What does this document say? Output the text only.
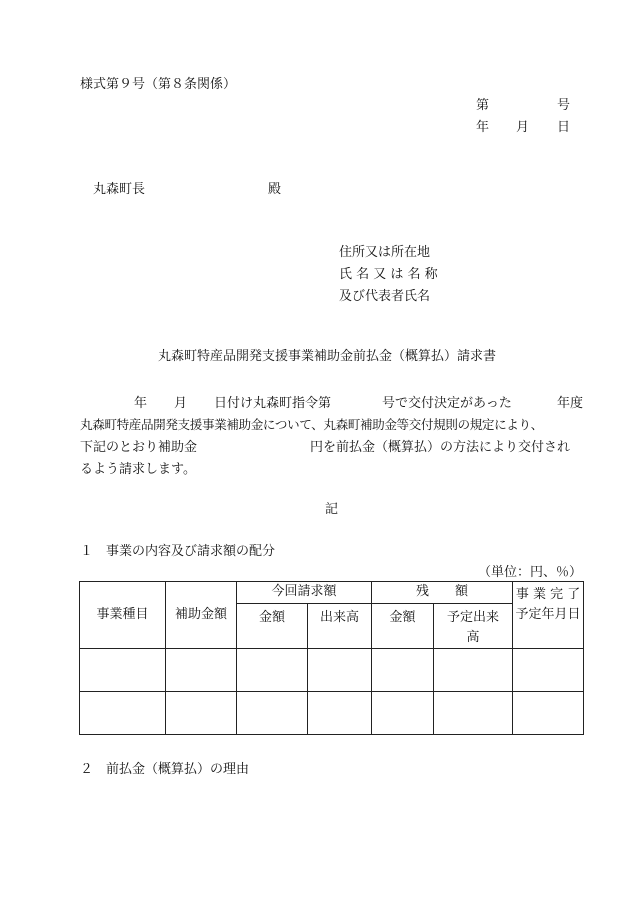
様式第９号（第８条関係）
第	号
年 月 日
丸森町長	殿
住所又は所在地
氏 名 又 は 名 称
及び代表者氏名
丸森町特産品開発支援事業補助金前払金（概算払）請求書
年 月 日付け丸森町指令第	号で交付決定があった	年度
丸森町特産品開発支援事業補助金について、丸森町補助金等交付規則の規定により、
下記のとおり補助金	円を前払金（概算払）の方法により交付され
るよう請求します。
記
１　事業の内容及び請求額の配分
（単位：円、％）
事業種目	補助金額	今回請求額		残　　額		事 業 完 了
予定年月日

		金額	出来高	金額	予定出来
高	

２　前払金（概算払）の理由
